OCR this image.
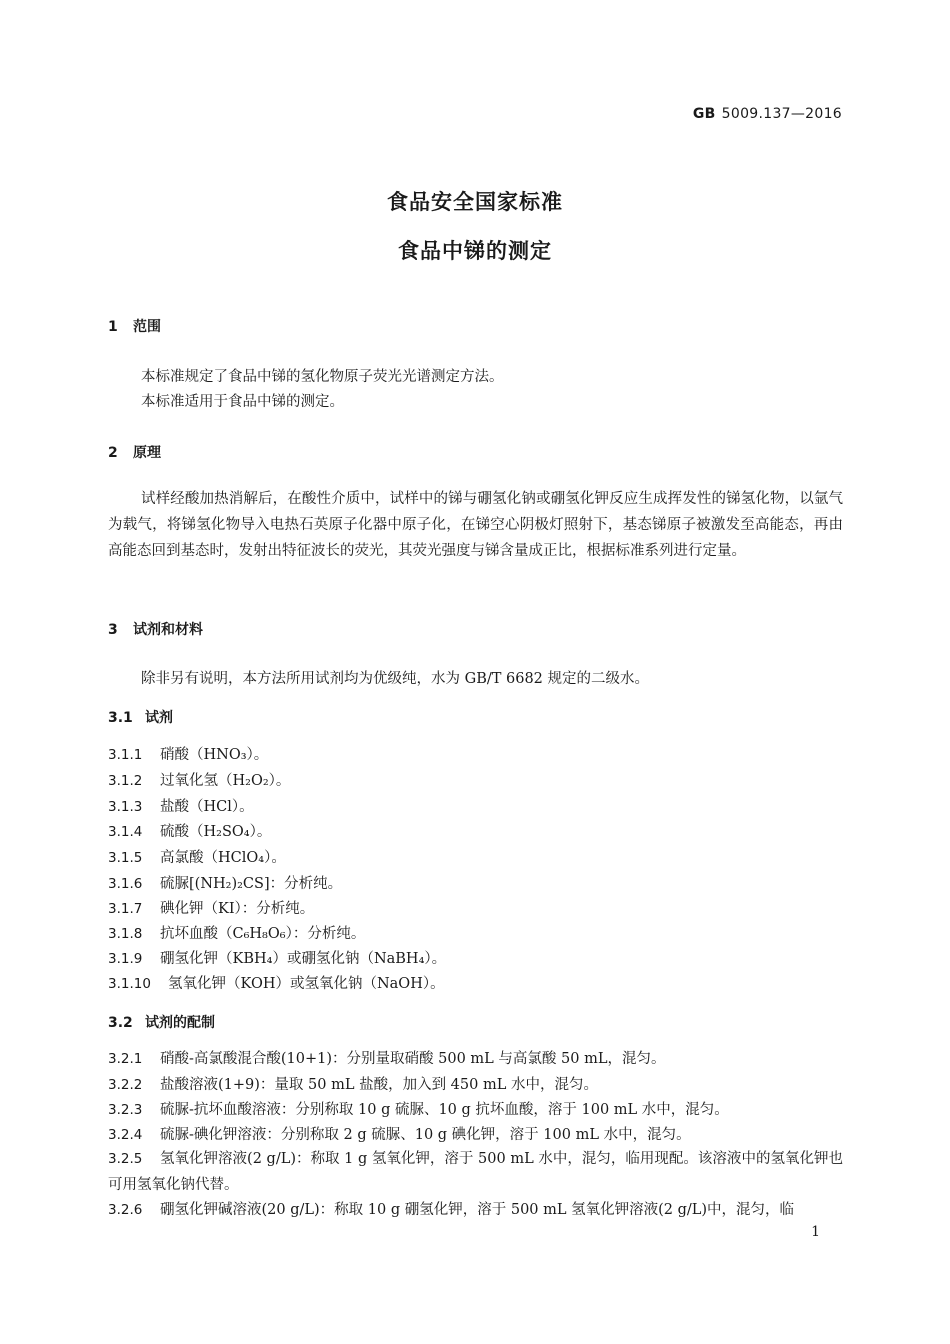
GB 5009.137—2016
食品安全国家标准
食品中锑的测定
1 范围
本标准规定了食品中锑的氢化物原子荧光光谱测定方法。
本标准适用于食品中锑的测定。
2 原理
试样经酸加热消解后，在酸性介质中，试样中的锑与硼氢化钠或硼氢化钾反应生成挥发性的锑氢化物，以氩气为载气，将锑氢化物导入电热石英原子化器中原子化，在锑空心阴极灯照射下，基态锑原子被激发至高能态，再由高能态回到基态时，发射出特征波长的荧光，其荧光强度与锑含量成正比，根据标准系列进行定量。
3 试剂和材料
除非另有说明，本方法所用试剂均为优级纯，水为 GB/T 6682 规定的二级水。
3.1 试剂
3.1.1 硝酸（HNO₃）。
3.1.2 过氧化氢（H₂O₂）。
3.1.3 盐酸（HCl）。
3.1.4 硫酸（H₂SO₄）。
3.1.5 高氯酸（HClO₄）。
3.1.6 硫脲[(NH₂)₂CS]：分析纯。
3.1.7 碘化钾（KI）：分析纯。
3.1.8 抗坏血酸（C₆H₈O₆）：分析纯。
3.1.9 硼氢化钾（KBH₄）或硼氢化钠（NaBH₄）。
3.1.10 氢氧化钾（KOH）或氢氧化钠（NaOH）。
3.2 试剂的配制
3.2.1 硝酸-高氯酸混合酸(10+1)：分别量取硝酸 500 mL 与高氯酸 50 mL，混匀。
3.2.2 盐酸溶液(1+9)：量取 50 mL 盐酸，加入到 450 mL 水中，混匀。
3.2.3 硫脲-抗坏血酸溶液：分别称取 10 g 硫脲、10 g 抗坏血酸，溶于 100 mL 水中，混匀。
3.2.4 硫脲-碘化钾溶液：分别称取 2 g 硫脲、10 g 碘化钾，溶于 100 mL 水中，混匀。
3.2.5 氢氧化钾溶液(2 g/L)：称取 1 g 氢氧化钾，溶于 500 mL 水中，混匀，临用现配。该溶液中的氢氧化钾也可用氢氧化钠代替。
3.2.6 硼氢化钾碱溶液(20 g/L)：称取 10 g 硼氢化钾，溶于 500 mL 氢氧化钾溶液(2 g/L)中，混匀，临
1
